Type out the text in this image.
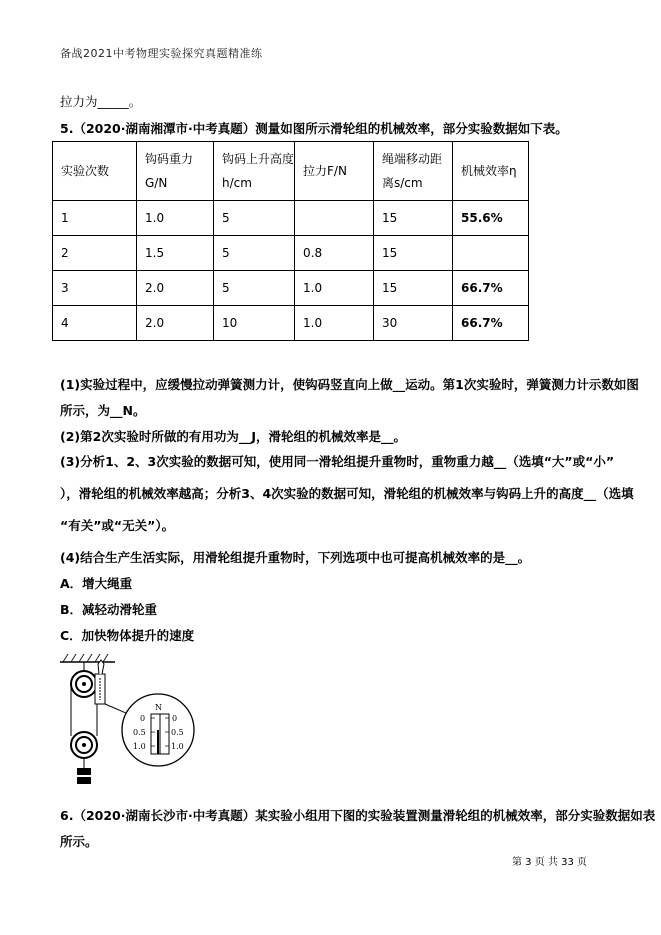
备战2021中考物理实验探究真题精准练
拉力为_____。
5.（2020·湖南湘潭市·中考真题）测量如图所示滑轮组的机械效率，部分实验数据如下表。
实验次数	钩码重力G/N	钩码上升高度h/cm	拉力F/N	绳端移动距离s/cm	机械效率η
1	1.0	5		15	55.6%
2	1.5	5	0.8	15	
3	2.0	5	1.0	15	66.7%
4	2.0	10	1.0	30	66.7%
(1)实验过程中，应缓慢拉动弹簧测力计，使钩码竖直向上做__运动。第1次实验时，弹簧测力计示数如图
所示，为__N。
(2)第2次实验时所做的有用功为__J，滑轮组的机械效率是__。
(3)分析1、2、3次实验的数据可知，使用同一滑轮组提升重物时，重物重力越__（选填“大”或“小”
），滑轮组的机械效率越高；分析3、4次实验的数据可知，滑轮组的机械效率与钩码上升的高度__（选填
“有关”或“无关”）。
(4)结合生产生活实际，用滑轮组提升重物时，下列选项中也可提高机械效率的是__。
A．增大绳重
B．减轻动滑轮重
C．加快物体提升的速度
N
0	0
0.5	0.5
1.0	1.0
6.（2020·湖南长沙市·中考真题）某实验小组用下图的实验装置测量滑轮组的机械效率，部分实验数据如表
所示。
第 3 页 共 33 页
